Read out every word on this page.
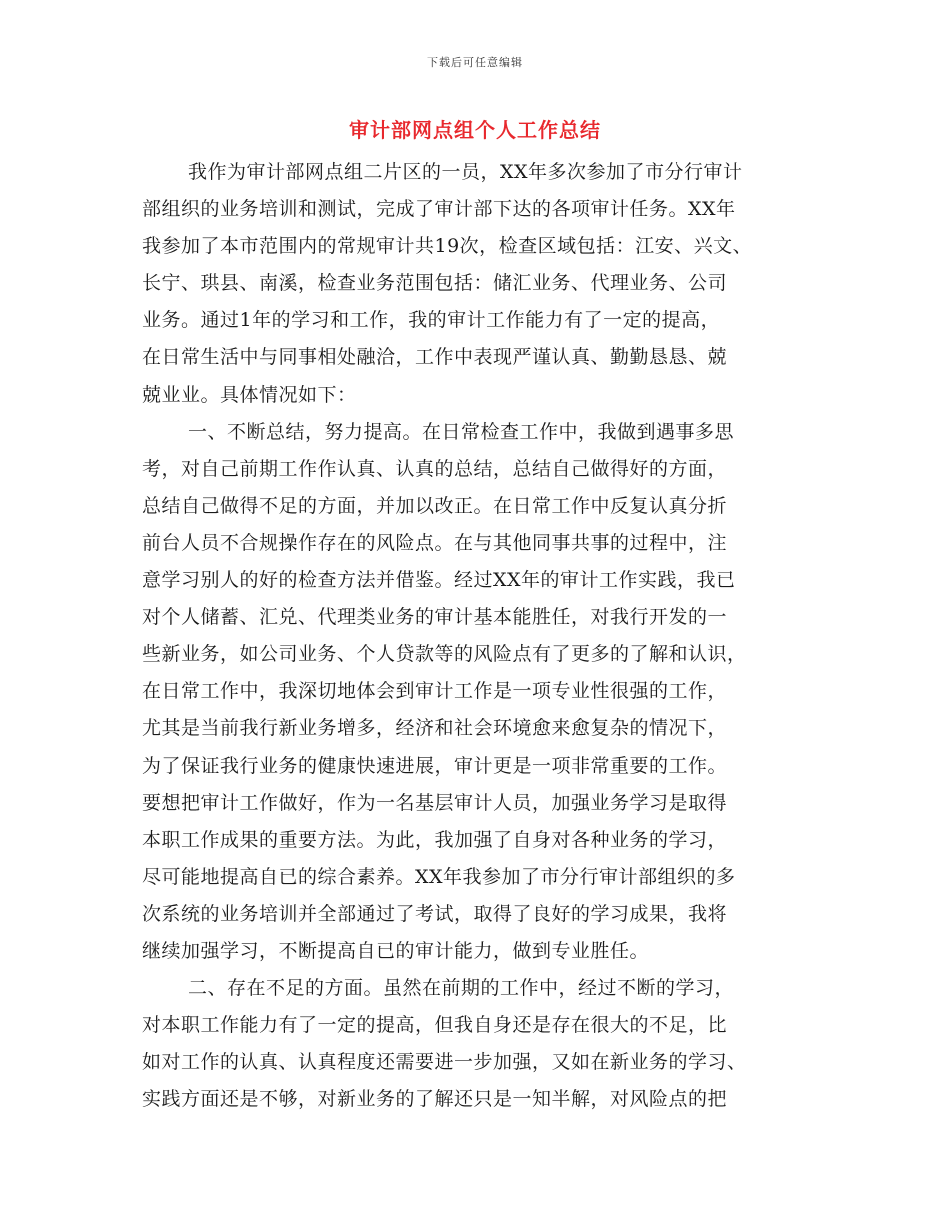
下载后可任意编辑
审计部网点组个人工作总结
我作为审计部网点组二片区的一员，XX年多次参加了市分行审计
部组织的业务培训和测试，完成了审计部下达的各项审计任务。XX年
我参加了本市范围内的常规审计共19次，检查区域包括：江安、兴文、
长宁、珙县、南溪，检查业务范围包括：储汇业务、代理业务、公司
业务。通过1年的学习和工作，我的审计工作能力有了一定的提高，
在日常生活中与同事相处融洽，工作中表现严谨认真、勤勤恳恳、兢
兢业业。具体情况如下：
一、不断总结，努力提高。在日常检查工作中，我做到遇事多思
考，对自己前期工作作认真、认真的总结，总结自己做得好的方面，
总结自己做得不足的方面，并加以改正。在日常工作中反复认真分折
前台人员不合规操作存在的风险点。在与其他同事共事的过程中，注
意学习别人的好的检查方法并借鉴。经过XX年的审计工作实践，我已
对个人储蓄、汇兑、代理类业务的审计基本能胜任，对我行开发的一
些新业务，如公司业务、个人贷款等的风险点有了更多的了解和认识，
在日常工作中，我深切地体会到审计工作是一项专业性很强的工作，
尤其是当前我行新业务增多，经济和社会环境愈来愈复杂的情况下，
为了保证我行业务的健康快速进展，审计更是一项非常重要的工作。
要想把审计工作做好，作为一名基层审计人员，加强业务学习是取得
本职工作成果的重要方法。为此，我加强了自身对各种业务的学习，
尽可能地提高自已的综合素养。XX年我参加了市分行审计部组织的多
次系统的业务培训并全部通过了考试，取得了良好的学习成果，我将
继续加强学习，不断提高自已的审计能力，做到专业胜任。
二、存在不足的方面。虽然在前期的工作中，经过不断的学习，
对本职工作能力有了一定的提高，但我自身还是存在很大的不足，比
如对工作的认真、认真程度还需要进一步加强，又如在新业务的学习、
实践方面还是不够，对新业务的了解还只是一知半解，对风险点的把
